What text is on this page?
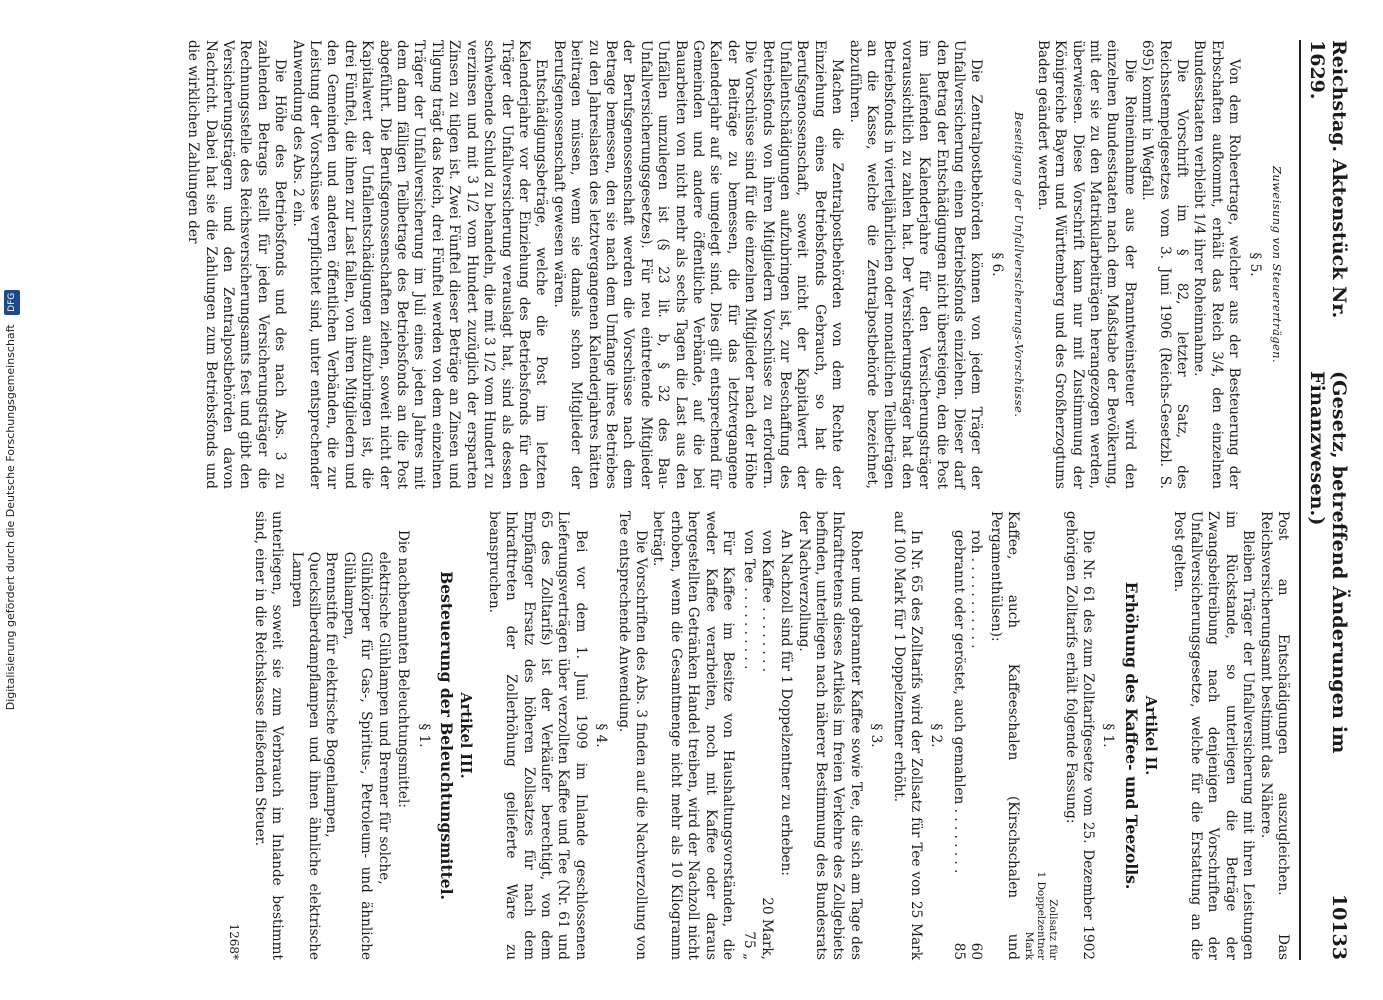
Digitalisierung gefördert durch die Deutsche Forschungsgemeinschaft DFG	Reichstag. Aktenstück Nr. 1629.
(Gesetz, betreffend Änderungen im Finanzwesen.)
10133
Zuweisung von Steuererträgen.
§ 5.

Von dem Roheertrage, welcher aus der Besteuerung der Erbschaften aufkommt, erhält das Reich 3/4, den einzelnen Bundesstaaten verbleibt 1/4 ihrer Roheinnahme.

Die Vorschrift im § 82, letzter Satz, des Reichsstempelgesetzes vom 3. Juni 1906 (Reichs-Gesetzbl. S. 695) kommt in Wegfall.

Die Reineinnahme aus der Branntweinsteuer wird den einzelnen Bundesstaaten nach dem Maßstabe der Bevölkerung, mit der sie zu den Matrikularbeiträgen herangezogen werden, überwiesen. Diese Vorschrift kann nur mit Zustimmung der Königreiche Bayern und Württemberg und des Großherzogtums Baden geändert werden.

Beseitigung der Unfallversicherungs-Vorschüsse.
§ 6.

Die Zentralpostbehörden können von jedem Träger der Unfallversicherung einen Betriebsfonds einziehen. Dieser darf den Betrag der Entschädigungen nicht übersteigen, den die Post im laufenden Kalenderjahre für den Versicherungsträger voraussichtlich zu zahlen hat. Der Versicherungsträger hat den Betriebsfonds in vierteljährlichen oder monatlichen Teilbeträgen an die Kasse, welche die Zentralpostbehörde bezeichnet, abzuführen.

Machen die Zentralpostbehörden von dem Rechte der Einziehung eines Betriebsfonds Gebrauch, so hat die Berufsgenossenschaft, soweit nicht der Kapitalwert der Unfallentschädigungen aufzubringen ist, zur Beschaffung des Betriebsfonds von ihren Mitgliedern Vorschüsse zu erfordern. Die Vorschüsse sind für die einzelnen Mitglieder nach der Höhe der Beiträge zu bemessen, die für das letztvergangene Kalenderjahr auf sie umgelegt sind. Dies gilt entsprechend für Gemeinden und andere öffentliche Verbände, auf die bei Bauarbeiten von nicht mehr als sechs Tagen die Last aus den Unfällen umzulegen ist (§ 23 lit. b, § 32 des Bau-Unfallversicherungsgesetzes). Für neu eintretende Mitglieder der Berufsgenossenschaft werden die Vorschüsse nach dem Betrage bemessen, den sie nach dem Umfange ihres Betriebes zu den Jahreslasten des letztvergangenen Kalenderjahres hätten beitragen müssen, wenn sie damals schon Mitglieder der Berufsgenossenschaft gewesen wären.

Entschädigungsbeträge, welche die Post im letzten Kalenderjahre vor der Einziehung des Betriebsfonds für den Träger der Unfallversicherung verauslagt hat, sind als dessen schwebende Schuld zu behandeln, die mit 3 1/2 vom Hundert zu verzinsen und mit 3 1/2 vom Hundert zuzüglich der ersparten Zinsen zu tilgen ist. Zwei Fünftel dieser Beträge an Zinsen und Tilgung trägt das Reich, drei Fünftel werden von dem einzelnen Träger der Unfallversicherung im Juli eines jeden Jahres mit dem dann fälligen Teilbetrage des Betriebsfonds an die Post abgeführt. Die Berufsgenossenschaften ziehen, soweit nicht der Kapitalwert der Unfallentschädigungen aufzubringen ist, die drei Fünftel, die ihnen zur Last fallen, von ihren Mitgliedern und den Gemeinden und anderen öffentlichen Verbänden, die zur Leistung der Vorschüsse verpflichtet sind, unter entsprechender Anwendung des Abs. 2 ein.

Die Höhe des Betriebsfonds und des nach Abs. 3 zu zahlenden Betrags stellt für jeden Versicherungsträger die Rechnungsstelle des Reichsversicherungsamts fest und gibt den Versicherungsträgern und den Zentralpostbehörden davon Nachricht. Dabei hat sie die Zahlungen zum Betriebsfonds und die wirklichen Zahlungen der

Post an Entschädigungen auszugleichen. Das Reichsversicherungsamt bestimmt das Nähere.

Bleiben Träger der Unfallversicherung mit ihren Leistungen im Rückstande, so unterliegen die Beträge der Zwangsbeitreibung nach denjenigen Vorschriften der Unfallversicherungsgesetze, welche für die Erstattung an die Post gelten.

Artikel II.
Erhöhung des Kaffee- und Teezolls.
§ 1.

Die Nr. 61 des zum Zolltarifgesetze vom 25. Dezember 1902 gehörigen Zolltarifs erhält folgende Fassung:

Zollsatz für
1 Doppelzentner
Mark

Kaffee, auch Kaffeeschalen (Kirschschalen und Pergamenthülsen):

roh . . . . . . . . . . .
60
gebrannt oder geröstet, auch gemahlen . . . . . . . .
85
§ 2.

In Nr. 65 des Zolltarifs wird der Zollsatz für Tee von 25 Mark auf 100 Mark für 1 Doppelzentner erhöht.

§ 3.

Roher und gebrannter Kaffee sowie Tee, die sich am Tage des Inkrafttretens dieses Artikels im freien Verkehre des Zollgebiets befinden, unterliegen nach näherer Bestimmung des Bundesrats der Nachverzollung.

An Nachzoll sind für 1 Doppelzentner zu erheben:

von Kaffee . . . . . . . .
20 Mark,
von Tee . . . . . . . . . .
75 „

Für Kaffee im Besitze von Haushaltungsvorständen, die weder Kaffee verarbeiten, noch mit Kaffee oder daraus hergestellten Getränken Handel treiben, wird der Nachzoll nicht erhoben, wenn die Gesamtmenge nicht mehr als 10 Kilogramm beträgt.

Die Vorschriften des Abs. 3 finden auf die Nachverzollung von Tee entsprechende Anwendung.

§ 4.

Bei vor dem 1. Juni 1909 im Inlande geschlossenen Lieferungsverträgen über verzollten Kaffee und Tee (Nr. 61 und 65 des Zolltarifs) ist der Verkäufer berechtigt, von dem Empfänger Ersatz des höheren Zollsatzes für nach dem Inkrafttreten der Zollerhöhung gelieferte Ware zu beanspruchen.

Artikel III.
Besteuerung der Beleuchtungsmittel.
§ 1.

Die nachbenannten Beleuchtungsmittel:

elektrische Glühlampen und Brenner für solche,
Glühkörper für Gas-, Spiritus-, Petroleum- und ähnliche Glühlampen,
Brennstifte für elektrische Bogenlampen,
Quecksilberdampflampen und ihnen ähnliche elektrische Lampen

unterliegen, soweit sie zum Verbrauch im Inlande bestimmt sind, einer in die Reichskasse fließenden Steuer.

1268*
